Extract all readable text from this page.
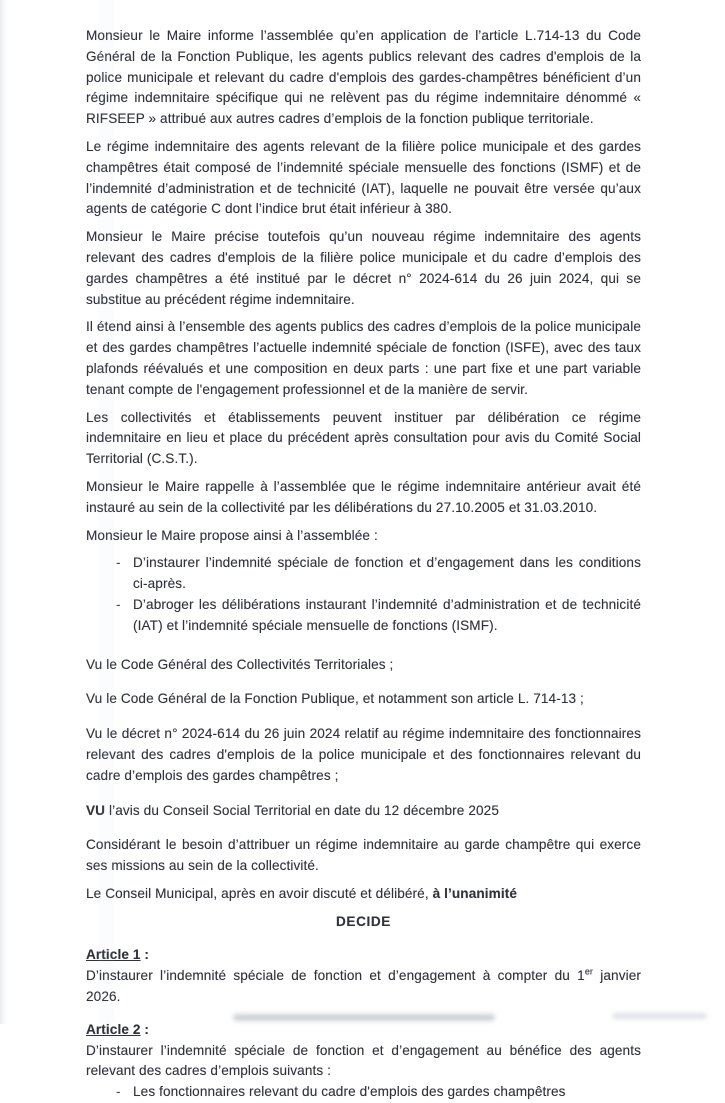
Monsieur le Maire informe l’assemblée qu’en application de l’article L.714-13 du Code Général de la Fonction Publique, les agents publics relevant des cadres d'emplois de la police municipale et relevant du cadre d'emplois des gardes-champêtres bénéficient d’un régime indemnitaire spécifique qui ne relèvent pas du régime indemnitaire dénommé « RIFSEEP » attribué aux autres cadres d’emplois de la fonction publique territoriale.

Le régime indemnitaire des agents relevant de la filière police municipale et des gardes champêtres était composé de l’indemnité spéciale mensuelle des fonctions (ISMF) et de l’indemnité d’administration et de technicité (IAT), laquelle ne pouvait être versée qu’aux agents de catégorie C dont l’indice brut était inférieur à 380.

Monsieur le Maire précise toutefois qu’un nouveau régime indemnitaire des agents relevant des cadres d'emplois de la filière police municipale et du cadre d’emplois des gardes champêtres a été institué par le décret n° 2024-614 du 26 juin 2024, qui se substitue au précédent régime indemnitaire.

Il étend ainsi à l’ensemble des agents publics des cadres d’emplois de la police municipale et des gardes champêtres l’actuelle indemnité spéciale de fonction (ISFE), avec des taux plafonds réévalués et une composition en deux parts : une part fixe et une part variable tenant compte de l'engagement professionnel et de la manière de servir.

Les collectivités et établissements peuvent instituer par délibération ce régime indemnitaire en lieu et place du précédent après consultation pour avis du Comité Social Territorial (C.S.T.).

Monsieur le Maire rappelle à l’assemblée que le régime indemnitaire antérieur avait été instauré au sein de la collectivité par les délibérations du 27.10.2005 et 31.03.2010.

Monsieur le Maire propose ainsi à l’assemblée :

- D’instaurer l’indemnité spéciale de fonction et d’engagement dans les conditions ci-après.
- D’abroger les délibérations instaurant l’indemnité d’administration et de technicité (IAT) et l’indemnité spéciale mensuelle de fonctions (ISMF).

Vu le Code Général des Collectivités Territoriales ;

Vu le Code Général de la Fonction Publique, et notamment son article L. 714-13 ;

Vu le décret n° 2024-614 du 26 juin 2024 relatif au régime indemnitaire des fonctionnaires relevant des cadres d'emplois de la police municipale et des fonctionnaires relevant du cadre d’emplois des gardes champêtres ;

VU l’avis du Conseil Social Territorial en date du 12 décembre 2025

Considérant le besoin d’attribuer un régime indemnitaire au garde champêtre qui exerce ses missions au sein de la collectivité.

Le Conseil Municipal, après en avoir discuté et délibéré, à l’unanimité

DECIDE

Article 1 :

D’instaurer l’indemnité spéciale de fonction et d’engagement à compter du 1er janvier 2026.

Article 2 :

D’instaurer l’indemnité spéciale de fonction et d’engagement au bénéfice des agents relevant des cadres d’emplois suivants :

- Les fonctionnaires relevant du cadre d'emplois des gardes champêtres
